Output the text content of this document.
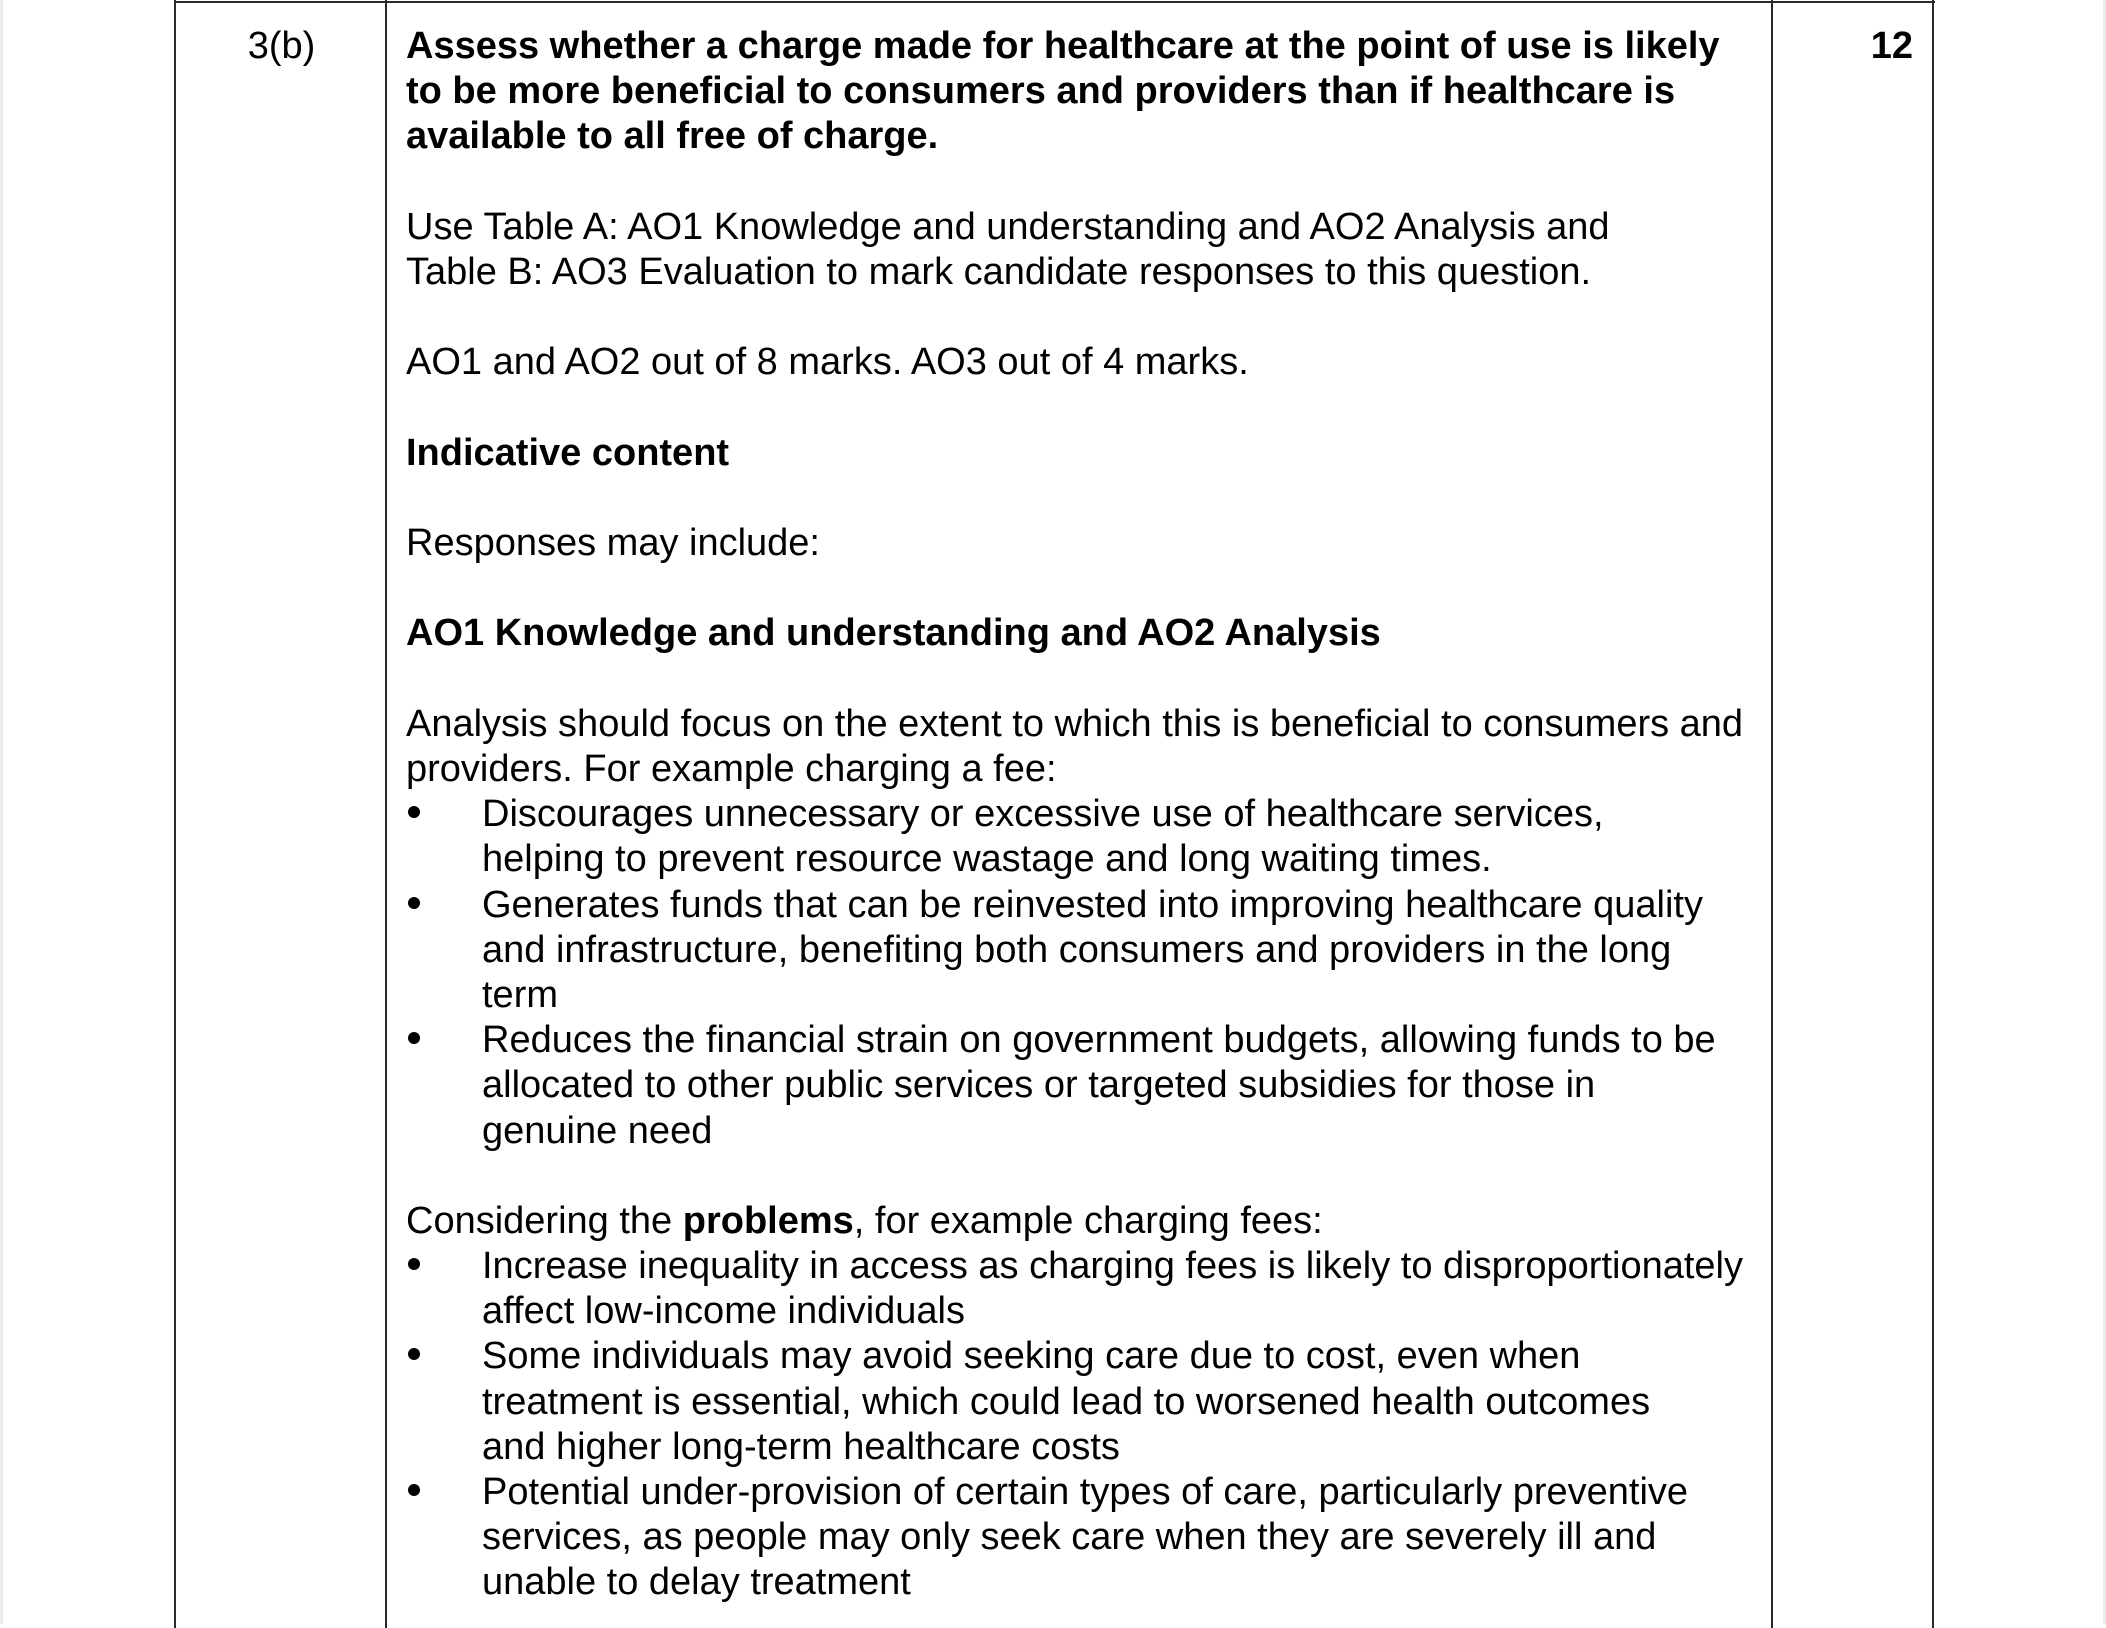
3(b)	Assess whether a charge made for healthcare at the point of use is likely
to be more beneficial to consumers and providers than if healthcare is
available to all free of charge.
Use Table A: AO1 Knowledge and understanding and AO2 Analysis and
Table B: AO3 Evaluation to mark candidate responses to this question.
AO1 and AO2 out of 8 marks. AO3 out of 4 marks.
Indicative content
Responses may include:
AO1 Knowledge and understanding and AO2 Analysis
Analysis should focus on the extent to which this is beneficial to consumers and
providers. For example charging a fee:
Discourages unnecessary or excessive use of healthcare services,
helping to prevent resource wastage and long waiting times.
Generates funds that can be reinvested into improving healthcare quality
and infrastructure, benefiting both consumers and providers in the long
term
Reduces the financial strain on government budgets, allowing funds to be
allocated to other public services or targeted subsidies for those in
genuine need
Considering the problems, for example charging fees:
Increase inequality in access as charging fees is likely to disproportionately
affect low-income individuals
Some individuals may avoid seeking care due to cost, even when
treatment is essential, which could lead to worsened health outcomes
and higher long-term healthcare costs
Potential under-provision of certain types of care, particularly preventive
services, as people may only seek care when they are severely ill and
unable to delay treatment
12
